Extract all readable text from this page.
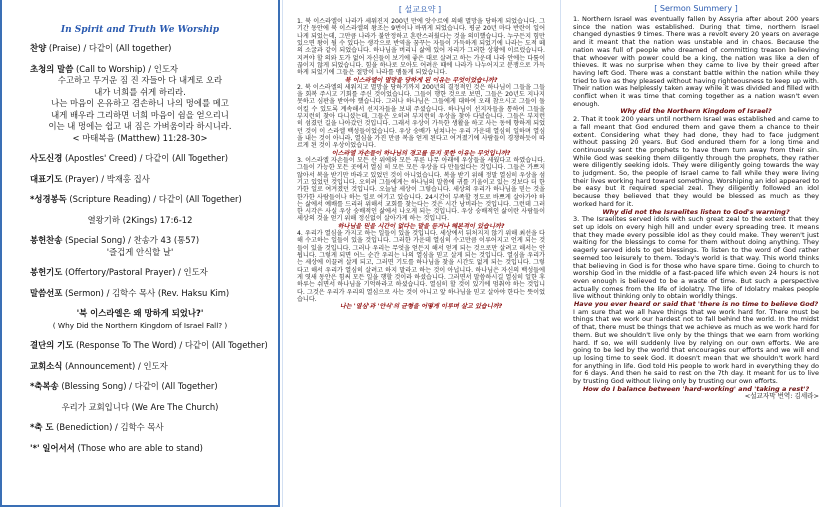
In Spirit and Truth We Worship
찬양 (Praise) / 다같이 (All together)
초청의 말씀 (Call to Worship) / 인도자
수고하고 무거운 짐 진 자들아 다 내게로 오라
내가 너희를 쉬게 하리라.
나는 마음이 온유하고 겸손하니 나의 멍에를 메고
내게 배우라 그리하면 너희 마음이 쉼을 얻으리니
이는 내 멍에는 쉽고 내 짐은 가벼움이라 하시니라.
< 마태복음 (Matthew) 11:28-30>
사도신경 (Apostles' Creed) / 다같이 (All Together)
대표기도 (Prayer) / 박재홍 집사
*성경봉독 (Scripture Reading) / 다같이 (All Together)
열왕기하 (2Kings) 17:6-12
봉헌찬송 (Special Song) / 찬송가 43 (통57)
'즐겁게 안식할 날'
봉헌기도 (Offertory/Pastoral Prayer) / 인도자
말씀선포 (Sermon) / 김학수 목사 (Rev. Haksu Kim)
'북 이스라엘은 왜 망하게 되었나?'
( Why Did the Northern Kingdom of Israel Fall? )
결단의 기도 (Response To The Word) / 다같이 (All Together)
교회소식 (Announcement) / 인도자
*축복송 (Blessing Song) / 다같이 (All Together)
우리가 교회입니다 (We Are The Church)
*축 도 (Benediction) / 김학수 목사
'*' 일어서서 (Those who are able to stand)
[ 설교요약 ]

1. 북 이스라엘이 나라가 세워진지 200년 만에 앗수르에 의해 멸망을 당하게 되었습니다. 그 기간 동안에 북 이스라엘의 왕조는 9번이나 바뀌게 되었습니다. 평균 20년 마다 반란이 일어나게 되었는데, 그만큼 나라가 불안정하고 혼란스러웠다는 것을 의미했습니다. 누구든지 힘만 있으면 왕이 될 수 있다는 생각으로 반역을 꿈꾸는 자들이 가득하게 되었기에 나라는 도적 떼의 소굴과 같이 되었습니다. 하나님을 버리니 삶에 있어 자리가 그러한 상황에 이르렀습니다. 지켜야 할 의와 도가 없어 자신들이 보기에 좋은 대로 살려고 하는 가운데 나라 안에는 다툼이 끊이지 않게 되었습니다. 힘을 하나로 모아도 어려운 때에 나라가 나누어지고 분쟁으로 가득하게 되었기에 그들은 절망이 나라를 맴돌게 되었습니다.

북 이스라엘이 멸망을 당하게 된 이유는 무엇이었습니까?

2. 북 이스라엘의 세워지고 멸망을 당하기까지 200년의 결정적인 것은 하나님이 그들을 그들을 회복 주시고 기회를 주신 것이었습니다. 그들이 행한 것으로 보면, 그들은 20년도 지나지 못하고 심판을 받아야 했습니다. 그러나 하나님은 그들에게 대하여 오래 참으시고 그들이 돌이킬 수 있도록 계속해서 선지자들을 보내 주셨습니다. 하나님이 선지자들을 통하여 그들을 부지런히 찾아 다니셨는데, 그들은 오히려 부지런히 우상을 찾아 다녔습니다. 그들은 부지런히 섬겼던 길을 나아갔던 것입니다. 그래서 우상이 가득한 생활을 하고 사는 동에 향하게 되었던 것이 이 스라엘 백성들이었습니다. 우상 숭배가 넘쳐나는 우리 가운데 열심히 일하며 열심을 내는 것이 아니라, 열심을 가진 만큼 복을 얻게 된다고 여겨졌기에 사람들이 경쟁하듯이 따르게 된 것이 우상이었습니다.

이스라엘 자손들이 하나님의 경고를 듣지 못한 이유는 무엇입니까?

3. 이스라엘 자손들이 모든 산 위에와 모든 푸른 나무 아래에 우상들을 세웠다고 하였습니다. 그들이 가능한 모든 곳에서 열심 히 모든 모든 우상을 다 만들었다는 것입니다. 그들은 가쁘지 않아서 복을 받기만 바라고 있었던 것이 아니었습니다. 복을 받기 위해 정말 열심히 우상을 섬기고 있었던 것입니다. 오히려 그들에게는 하나님의 말씀에 귀를 기울이고 있는 것보다 더 한가한 일로 여겨졌던 것입니다. 오늘날 세상이 그렇습니다. 세상의 우리가 하나님을 믿는 것을 한가한 사람들이나 하는 일로 여기고 있습니다. 24시간이 부족할 정도로 바쁘게 살아가야 하는 삶에서 예배를 드리러 위해서 교회를 찾는다는 것은 시간 낭비라는 것입니다. 그런데 그러한 시각은 사실 우상 숭배적인 삶에서 나오게 되는 것입니다. 우상 숭배적인 삶이란 사람들이 세상의 것을 얻기 위해 정신없이 살아가게 하는 것입니다.

하나님을 믿을 시간이 없다는 말을 듣거나 해본적이 있습니까?

4. 우리가 열심을 가지고 하는 일들이 있을 것입니다. 세상에서 뒤처지지 않기 위해 최선을 다해 수고하는 일들이 있을 것입니다. 그러한 가운데 열심히 수고만큼 이루어지고 언게 되는 것들이 있을 것입니다. 그러나 우리는 무엇을 얻든지 해서 얻게 되는 것으로만 살려고 해서는 안됩니다. 그렇게 되면 어느 순간 우리는 나의 열심을 믿고 살게 되는 것입니다. 열심을 우리가는 세상에 이끌려 살게 되고, 그러면 기도를 하나님을 찾을 시간도 없게 되는 것입니다. 그렇다고 해서 우리가 열심히 살려고 하지 말라고 하는 것이 아닙니다. 하나님은 자신의 백성들에게 엿새 동안은 힘써 모든 일을 행할 것이라 하셨습니다. 그러면서 말씀하시길 열심히 일한 후 하루는 쉬면서 하나님을 기억하라고 하셨습니다. 열심히 할 것이 있기에 멈춰야 하는 것입니다. 그것은 우리가 우리의 열심으로 사는 것이 아니고 앞 하나님을 믿고 살아야 한다는 뜻이었습니다.

나는 '열심'과 '안식'의 균형을 어떻게 이루며 살고 있습니까?

[ Sermon Summery ]

1. Northern Israel was eventually fallen by Assyria after about 200 years since the nation was established. During that time, northern Israel changed dynasties 9 times. There was a revolt every 20 years on average and it meant that the nation was unstable and in chaos. Because the nation was full of people who dreamed of committing treason believing that whoever with power could be a king, the nation was like a den of thieves. It was no surprise when they came to live by their greed after having left God. There was a constant battle within the nation while they tried to live as they pleased without having righteousness to keep up with. Their nation was helplessly taken away while it was divided and filled with conflict when it was time that coming together as a nation wasn't even enough.

Why did the Northern Kingdom of Israel?

2. That it took 200 years until northern Israel was established and came to a fall meant that God endured them and gave them a chance to their extent. Considering what they had done, they had to face judgment without passing 20 years. But God endured them for a long time and continuously sent the prophets to have them turn away from their sin. While God was seeking them diligently through the prophets, they rather were diligently seeking idols. They were diligently going towards the way to judgment. So, the people of Israel came to fall while they were living their lives working hard toward something. Worshiping an idol appeared to be easy but it required special zeal. They diligently followed an idol because they believed that they would be blessed as much as they worked hard for it.

Why did not the Israelites listen to God's warning?

3. The Israelites served idols with such great zeal to the extent that they set up idols on every high hill and under every spreading tree. It means that they made every possible idol as they could make. They weren't just waiting for the blessings to come for them without doing anything. They eagerly served idols to get blessings. To listen to the word of God rather seemed too leisurely to them. Today's world is that way. This world thinks that believing in God is for those who have spare time. Going to church to worship God in the middle of a fast-paced life which even 24 hours is not even enough is believed to be a waste of time. But such a perspective actually comes from the life of idolatry. The life of Idolatry makes people live without thinking only to obtain worldly things.

Have you ever heard or said that 'there is no time to believe God?

I am sure that we all have things that we work hard for. There must be things that we work our hardest not to fall behind the world. In the midst of that, there must be things that we achieve as much as we work hard for them. But we shouldn't live only by the things that we earn from working hard. If so, we will suddenly live by relying on our own efforts. We are going to be led by the world that encourages our efforts and we will end up losing time to seek God. It doesn't mean that we shouldn't work hard for anything in life. God told His people to work hard in everything they do for 6 days. And then he said to rest on the 7th day. It meant for us to live by trusting God without living only by trusting our own efforts.

How do I balance between 'hard-working' and 'taking a rest'?

<설교자막 번역: 김세라>
